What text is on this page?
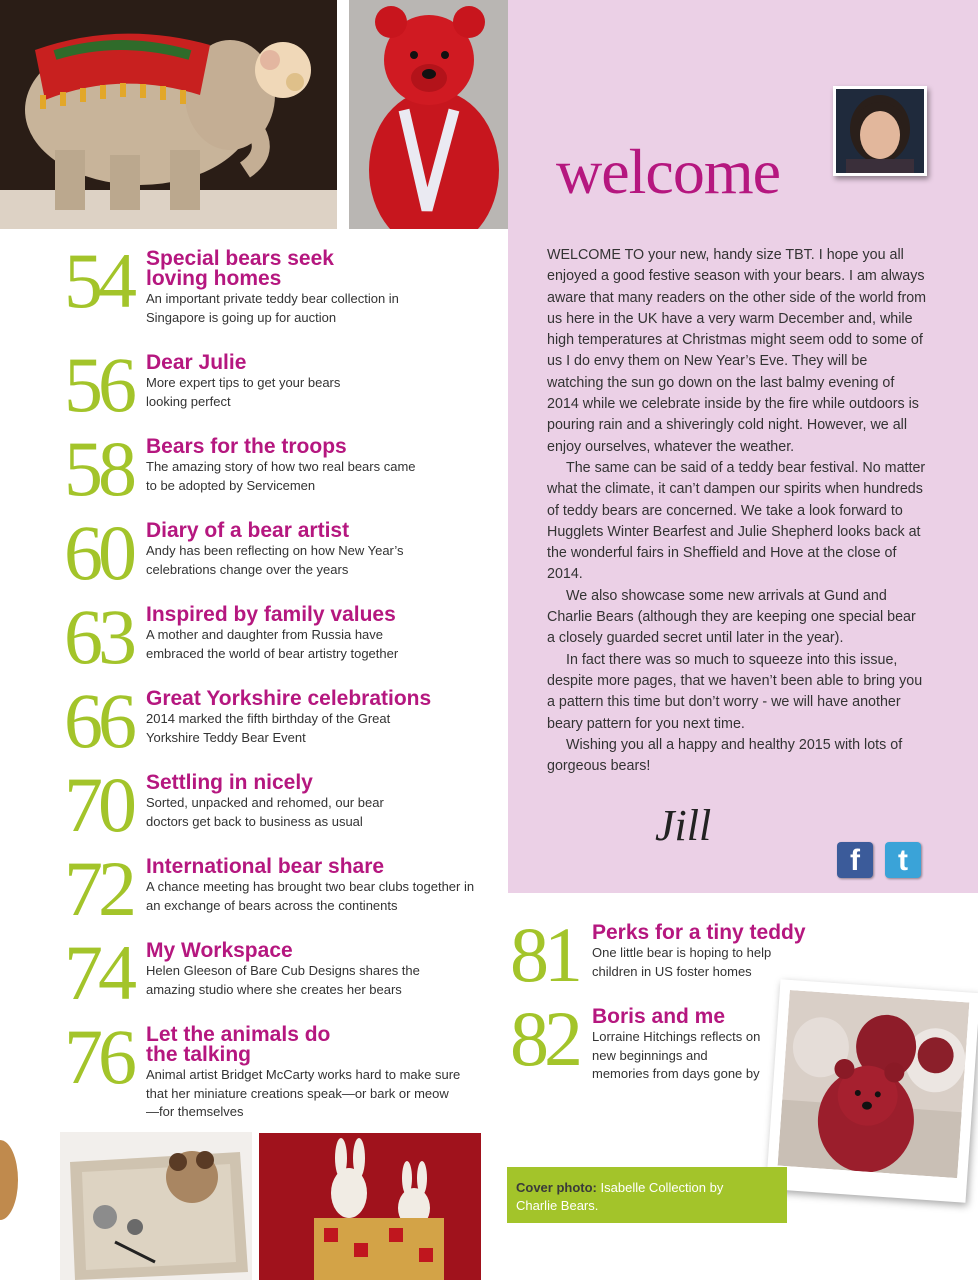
welcome

WELCOME TO your new, handy size TBT. I hope you all enjoyed a good festive season with your bears. I am always aware that many readers on the other side of the world from us here in the UK have a very warm December and, while high temperatures at Christmas might seem odd to some of us I do envy them on New Year’s Eve. They will be watching the sun go down on the last balmy evening of 2014 while we celebrate inside by the fire while outdoors is pouring rain and a shiveringly cold night. However, we all enjoy ourselves, whatever the weather.

The same can be said of a teddy bear festival. No matter what the climate, it can’t dampen our spirits when hundreds of teddy bears are concerned. We take a look forward to Hugglets Winter Bearfest and Julie Shepherd looks back at the wonderful fairs in Sheffield and Hove at the close of 2014.

We also showcase some new arrivals at Gund and Charlie Bears (although they are keeping one special bear a closely guarded secret until later in the year).

In fact there was so much to squeeze into this issue, despite more pages, that we haven’t been able to bring you a pattern this time but don’t worry - we will have another beary pattern for you next time.

Wishing you all a happy and healthy 2015 with lots of gorgeous bears!

Jill
f	t
54 Special bears seek loving homes
An important private teddy bear collection in Singapore is going up for auction
56 Dear Julie
More expert tips to get your bears looking perfect
58 Bears for the troops
The amazing story of how two real bears came to be adopted by Servicemen
60 Diary of a bear artist
Andy has been reflecting on how New Year’s celebrations change over the years
63 Inspired by family values
A mother and daughter from Russia have embraced the world of bear artistry together
66 Great Yorkshire celebrations
2014 marked the fifth birthday of the Great Yorkshire Teddy Bear Event
70 Settling in nicely
Sorted, unpacked and rehomed, our bear doctors get back to business as usual
72 International bear share
A chance meeting has brought two bear clubs together in an exchange of bears across the continents
74 My Workspace
Helen Gleeson of Bare Cub Designs shares the amazing studio where she creates her bears
76 Let the animals do the talking
Animal artist Bridget McCarty works hard to make sure that her miniature creations speak—or bark or meow—for themselves
81 Perks for a tiny teddy
One little bear is hoping to help children in US foster homes
82 Boris and me
Lorraine Hitchings reflects on new beginnings and memories from days gone by
Cover photo: Isabelle Collection by Charlie Bears.
